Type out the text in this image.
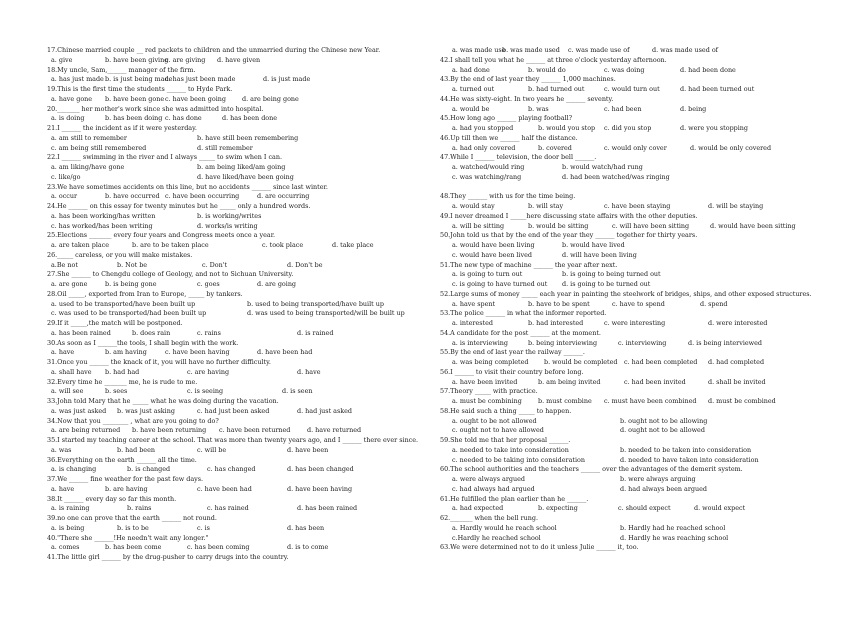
17.Chinese married couple __ red packets to children and the unmarried during the Chinese new Year.
a. give	b. have been giving
c. are giving d. have given
18.My uncle, Sam,______ manager of the firm.
a. has just made b. is just being made
c. has just been made	d. is just made
19.This is the first time the students ______ to Hyde Park.
a. have gone b. have been gone c. have been going	d. are being gone
20._______ her mother's work since she was admitted into hospital.
a. is doing	b. has been doing c. has done	d. has been done
21.I ______ the incident as if it were yesterday.
a. am still to remember	b. have still been remembering
c. am being still remembered	d. still remember
22.I ______ swimming in the river and I always _____ to swim when I can.
a. am liking/have gone	b. am being liked/am going
c. like/go	d. have liked/have been going
23.We have sometimes accidents on this line, but no accidents ______ since last winter.
a. occur	b. have occurred c. have been occurring	d. are occurring
24.He ______ on this essay for twenty minutes but he _____ only a hundred words.
a. has been working/has written	b. is working/writes
c. has worked/has been writing	d. works/is writing
25.Elections _______ every four years and Congress meets once a year.
a. are taken place	b. are to be taken place	c. took place	d. take place
26._____ careless, or you will make mistakes.
a.Be not	b. Not be	c. Don't	d. Don't be
27.She ______ to Chengdu college of Geology, and not to Sichuan University.
a. are gone	b. is being gone	c. goes	d. are going
28.Oil _____, exported from Iran to Europe, _____ by tankers.
a. used to be transported/have been built up	b. used to being transported/have built up
c. was used to be transported/had been built up	d. was used to being transported/will be built up
29.If it _____,the match will be postponed.
a. has been rained	b. does rain	c. rains	d. is rained
30.As soon as I ______the tools, I shall begin with the work.
a. have	b. am having	c. have been having	d. have been had
31.Once you ______ the knack of it, you will have no further difficulty.
a. shall have b. had had	c. are having	d. have
32.Every time he _______ me, he is rude to me.
a. will see	b. sees	c. is seeing	d. is seen
33.John told Mary that he _____ what he was doing during the vacation.
a. was just asked b. was just asking	c. had just been asked	d. had just asked
34.Now that you ________ , what are you going to do?
a. are being returned b. have been returning c. have been returned	d. have returned
35.I started my teaching career at the school. That was more than twenty years ago, and I ______ there ever since.
a. was	b. had been	c. will be	d. have been
36.Everything on the earth ______ all the time.
a. is changing	b. is changed	c. has changed	d. has been changed
37.We ______ fine weather for the past few days.
a. have	b. are having	c. have been had	d. have been having
38.It ______ every day so far this month.
a. is raining	b. rains	c. has rained	d. has been rained
39.no one can prove that the earth ______ not round.
a. is being	b. is to be	c. is	d. has been
40."There she ______!He needn't wait any longer."
a. comes	b. has been come	c. has been coming	d. is to come
41.The little girl ______ by the drug-pusher to carry drugs into the country.
a. was made use
b. was made used c. was made use of	d. was made used of
42.I shall tell you what he ______ at three o'clock yesterday afternoon.
a. had done	b. would do	c. was doing	d. had been done
43.By the end of last year they ______ 1,000 machines.
a. turned out	b. had turned out	c. would turn out	d. had been turned out
44.He was sixty-eight. In two years he ______ seventy.
a. would be	b. was	c. had been	d. being
45.How long ago ______ playing football?
a. had you stopped	b. would you stop c. did you stop	d. were you stopping
46.Up till then we ______ half the distance.
a. had only covered	b. covered	c. would only cover	d. would be only covered
47.While I ______ television, the door bell ______.
a. watched/would ring	b. would watch/had rung
c. was watching/rang	d. had been watched/was ringing
48.They ______ with us for the time being.
a. would stay	b. will stay	c. have been staying	d. will be staying
49.I never dreamed I _____here discussing state affairs with the other deputies.
a. will be sitting	b. would be sitting	c. will have been sitting	d. would have been sitting
50.John told us that by the end of the year they ______ together for thirty years.
a. would have been living	b. would have lived
c. would have been lived	d. will have been living
51.The new type of machine ______ the year after next.
a. is going to turn out	b. is going to being turned out
c. is going to have turned out d. is going to be turned out
52.Large sums of money _____ each year in painting the steelwork of bridges, ships, and other exposed structures.
a. have spent	b. have to be spent	c. have to spend	d. spend
53.The police ______ in what the informer reported.
a. interested	b. had interested	c. were interesting	d. were interested
54.A candidate for the post ______ at the moment.
a. is interviewing	b. being interviewing	c. interviewing	d. is being interviewed
55.By the end of last year the railway ______.
a. was being completed b. would be completed c. had been completed d. had completed
56.I ______ to visit their country before long.
a. have been invited	b. am being invited	c. had been invited	d. shall be invited
57.Theory _____ with practice.
a. must be combining	b. must combine c. must have been combined d. must be combined
58.He said such a thing _____ to happen.
a. ought to be not allowed	b. ought not to be allowing
c. ought not to have allowed	d. ought not to be allowed
59.She told me that her proposal ______.
a. needed to take into consideration	b. needed to be taken into consideration
c. needed to be taking into consideration	d. needed to have taken into consideration
60.The school authorities and the teachers ______ over the advantages of the demerit system.
a. were always argued	b. were always arguing
c. had always had argued	d. had always been argued
61.He fulfilled the plan earlier than he ______.
a. had expected	b. expecting	c. should expect	d. would expect
62._______ when the bell rung.
a. Hardly would he reach school	b. Hardly had he reached school
c.Hardly he reached school	d. Hardly he was reaching school
63.We were determined not to do it unless Julie ______ it, too.
